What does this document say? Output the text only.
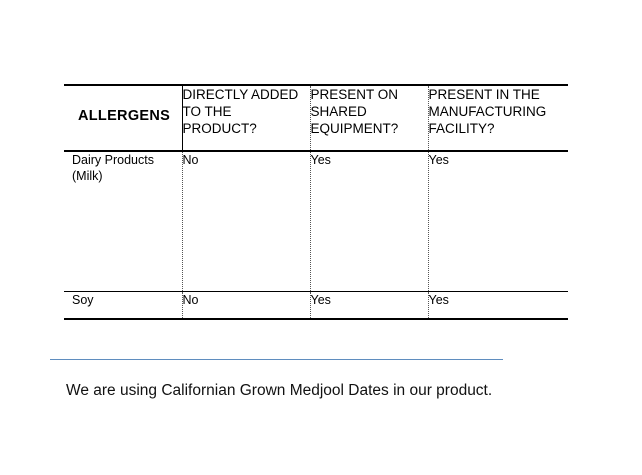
ALLERGENS	DIRECTLY ADDED TO THE PRODUCT?	PRESENT ON SHARED EQUIPMENT?	PRESENT IN THE MANUFACTURING FACILITY?
Dairy Products (Milk)	No	Yes	Yes
Soy	No	Yes	Yes
We are using Californian Grown Medjool Dates in our product.
